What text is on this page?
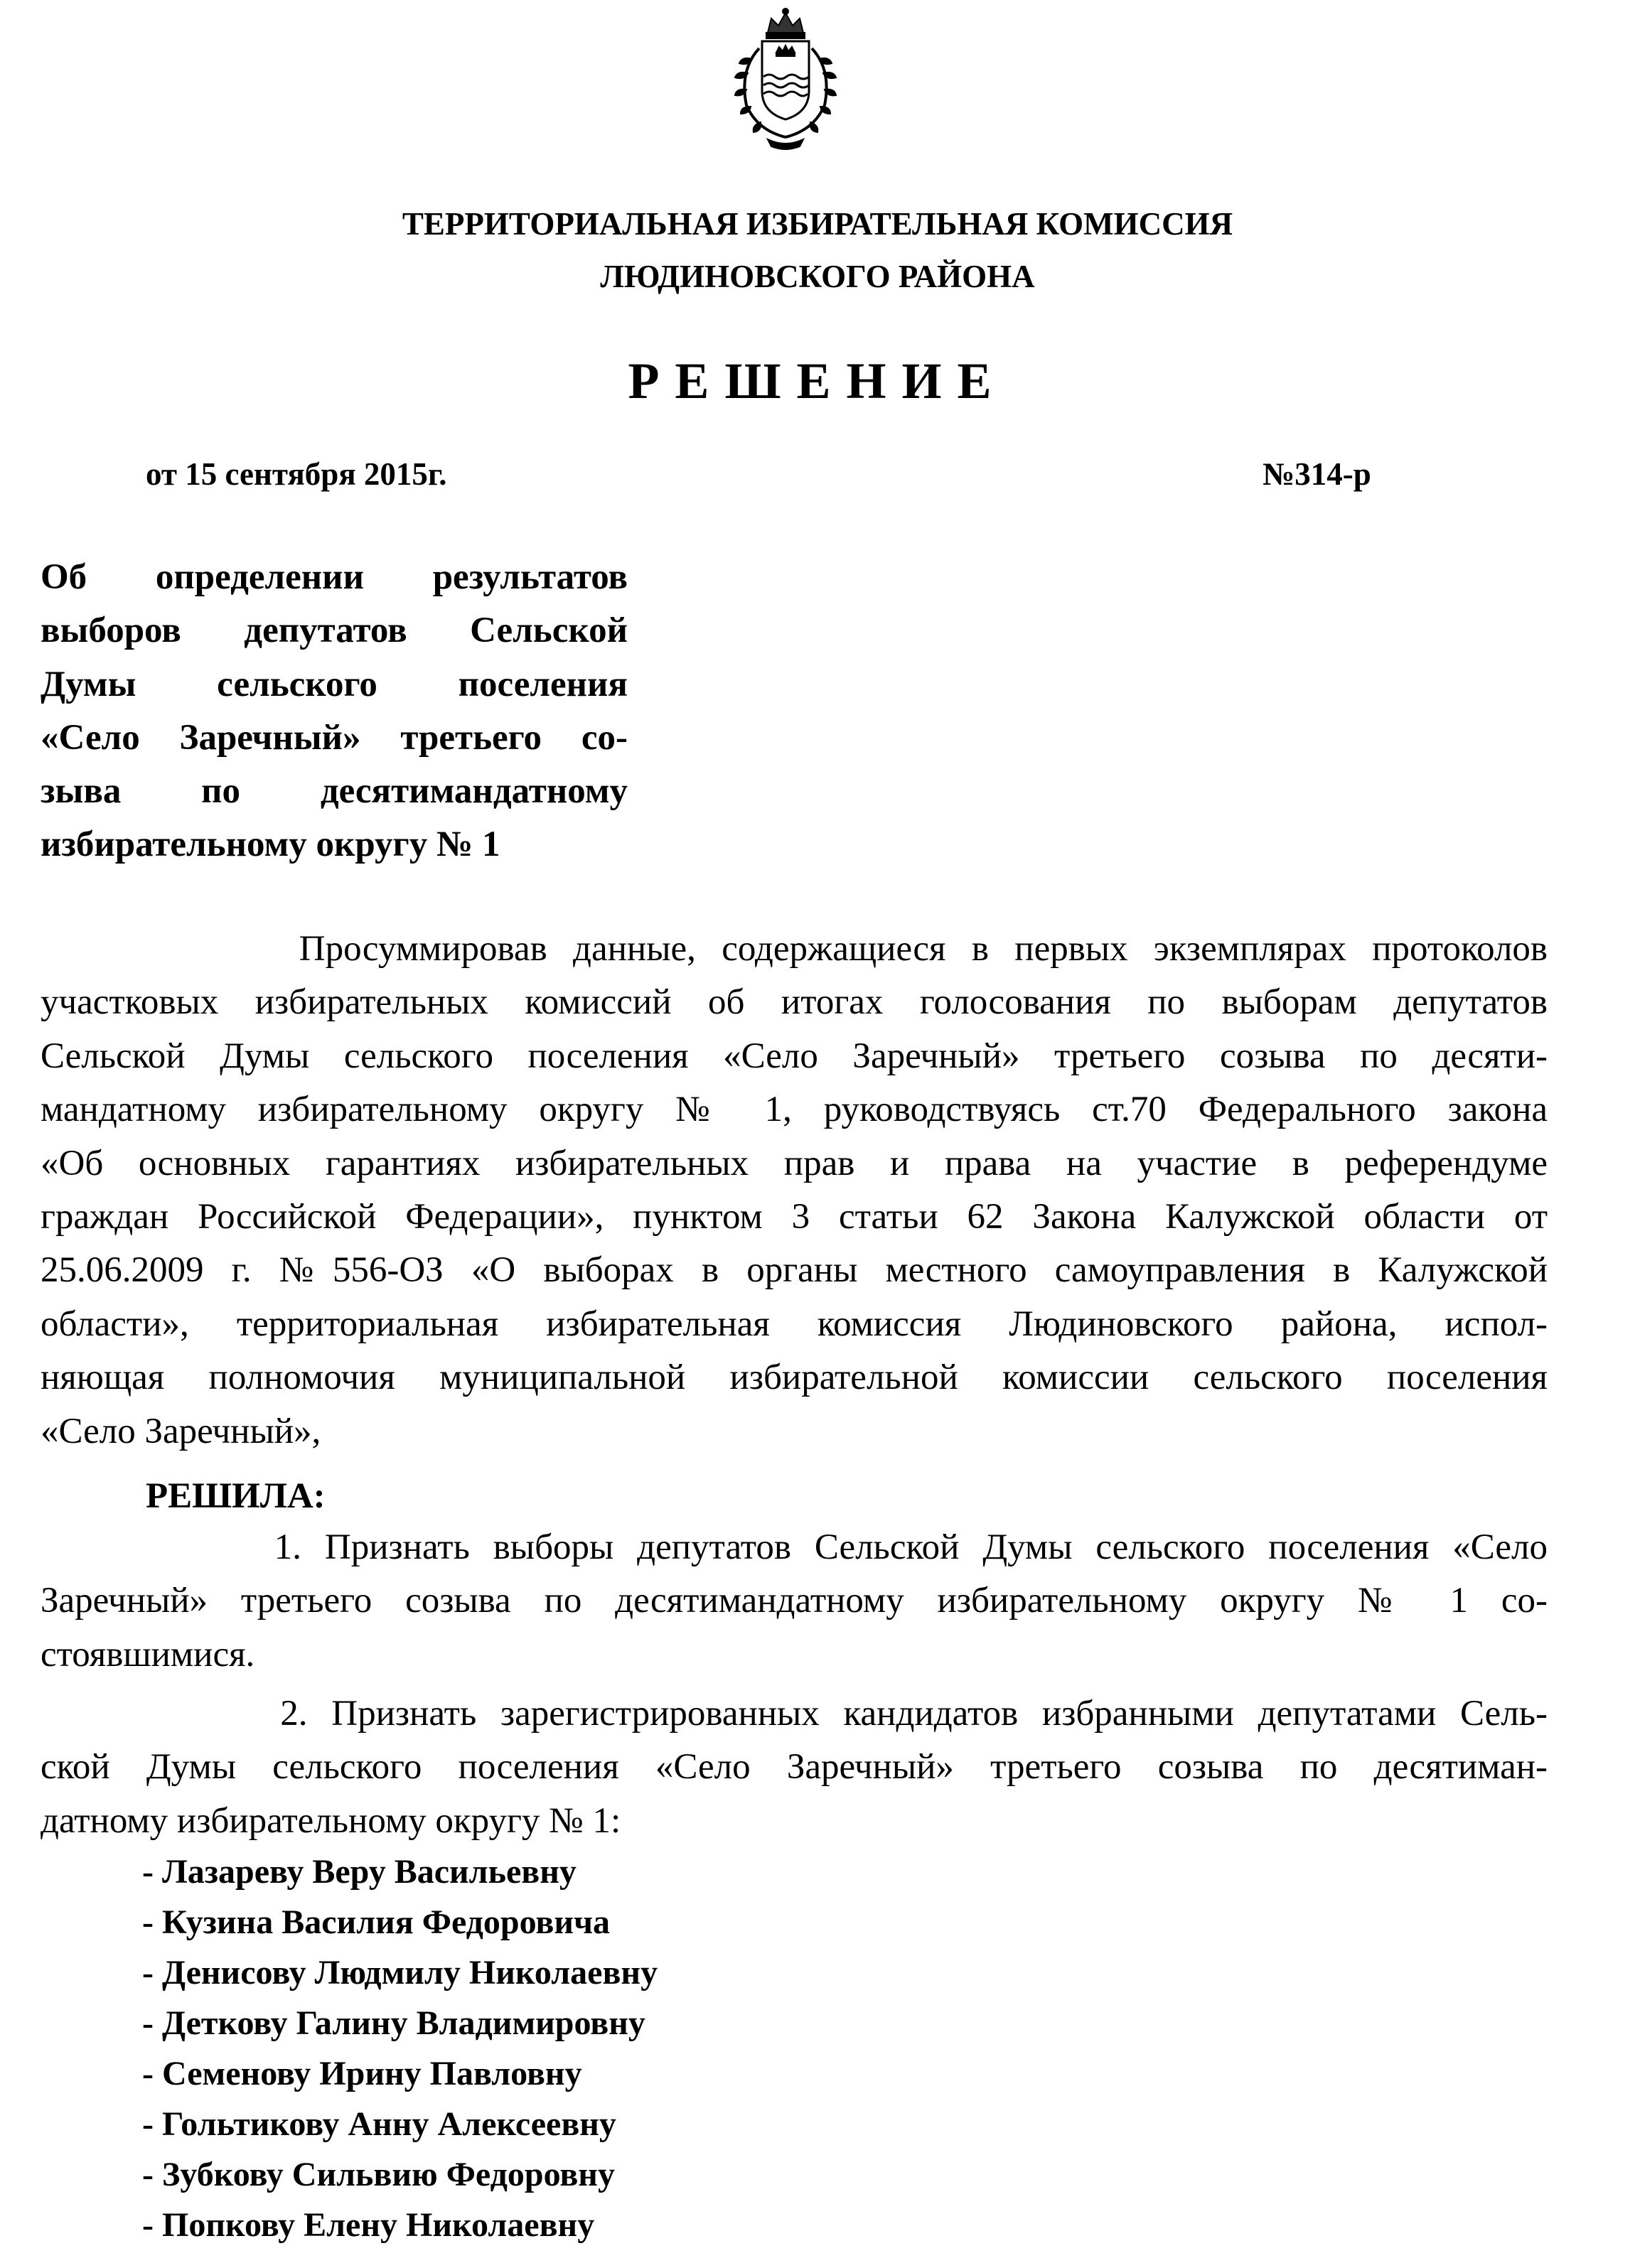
ТЕРРИТОРИАЛЬНАЯ ИЗБИРАТЕЛЬНАЯ КОМИССИЯ
ЛЮДИНОВСКОГО РАЙОНА
РЕШЕНИЕ
от 15 сентября 2015г.	№314-р
Об определении результатов
выборов депутатов Сельской
Думы сельского поселения
«Село Заречный» третьего со-
зыва по десятимандатному
избирательному округу № 1
Просуммировав данные, содержащиеся в первых экземплярах протоколов
участковых избирательных комиссий об итогах голосования по выборам депутатов
Сельской Думы сельского поселения «Село Заречный» третьего созыва по десяти-
мандатному избирательному округу № 1, руководствуясь ст.70 Федерального закона
«Об основных гарантиях избирательных прав и права на участие в референдуме
граждан Российской Федерации», пунктом 3 статьи 62 Закона Калужской области от
25.06.2009 г. №556-ОЗ «О выборах в органы местного самоуправления в Калужской
области», территориальная избирательная комиссия Людиновского района, испол-
няющая полномочия муниципальной избирательной комиссии сельского поселения
«Село Заречный»,
РЕШИЛА:
1. Признать выборы депутатов Сельской Думы сельского поселения «Село
Заречный» третьего созыва по десятимандатному избирательному округу № 1 со-
стоявшимися.
2. Признать зарегистрированных кандидатов избранными депутатами Сель-
ской Думы сельского поселения «Село Заречный» третьего созыва по десятиман-
датному избирательному округу № 1:
- Лазареву Веру Васильевну
- Кузина Василия Федоровича
- Денисову Людмилу Николаевну
- Деткову Галину Владимировну
- Семенову Ирину Павловну
- Гольтикову Анну Алексеевну
- Зубкову Сильвию Федоровну
- Попкову Елену Николаевну
